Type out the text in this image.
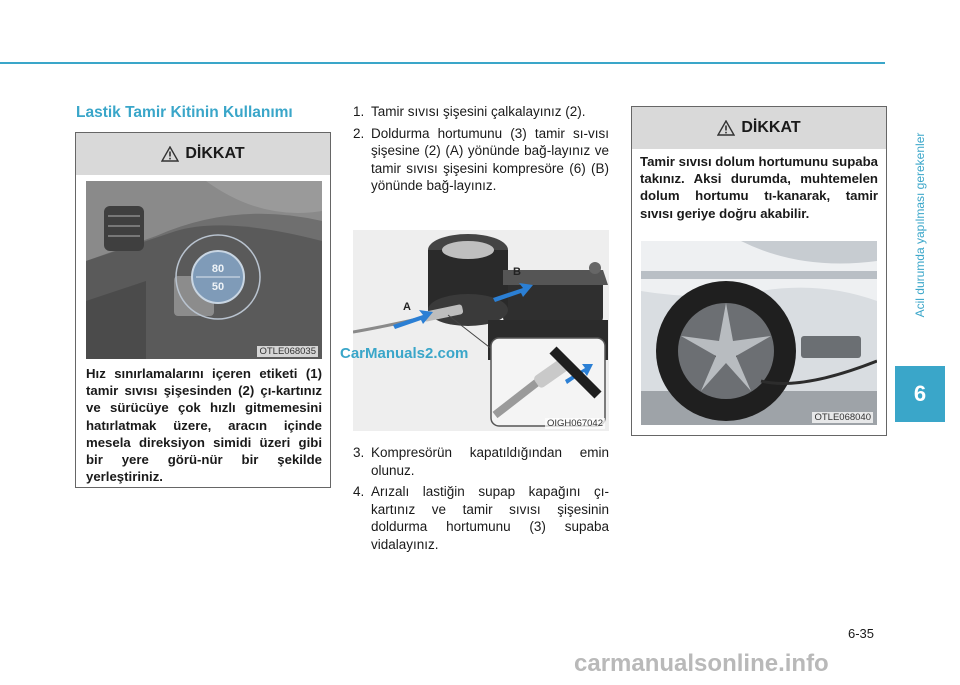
Acil durumda yapılması gerekenler
6
Lastik Tamir Kitinin Kullanımı
DİKKAT
80
50
OTLE068035

Hız sınırlamalarını içeren etiketi (1) tamir sıvısı şişesinden (2) çı-kartınız ve sürücüye çok hızlı gitmemesini hatırlatmak üzere, aracın içinde mesela direksiyon simidi üzeri gibi bir yere görü-nür bir şekilde yerleştiriniz.

1. Tamir sıvısı şişesini çalkalayınız (2).
2. Doldurma hortumunu (3) tamir sı-vısı şişesine (2) (A) yönünde bağ-layınız ve tamir sıvısı şişesini kompresöre (6) (B) yönünde bağ-layınız.
A
B
OIGH067042
3. Kompresörün kapatıldığından emin olunuz.
4. Arızalı lastiğin supap kapağını çı-kartınız ve tamir sıvısı şişesinin doldurma hortumunu (3) supaba vidalayınız.
DİKKAT

Tamir sıvısı dolum hortumunu supaba takınız. Aksi durumda, muhtemelen dolum hortumu tı-kanarak, tamir sıvısı geriye doğru akabilir.

OTLE068040
CarManuals2.com
6-35
carmanualsonline.info
